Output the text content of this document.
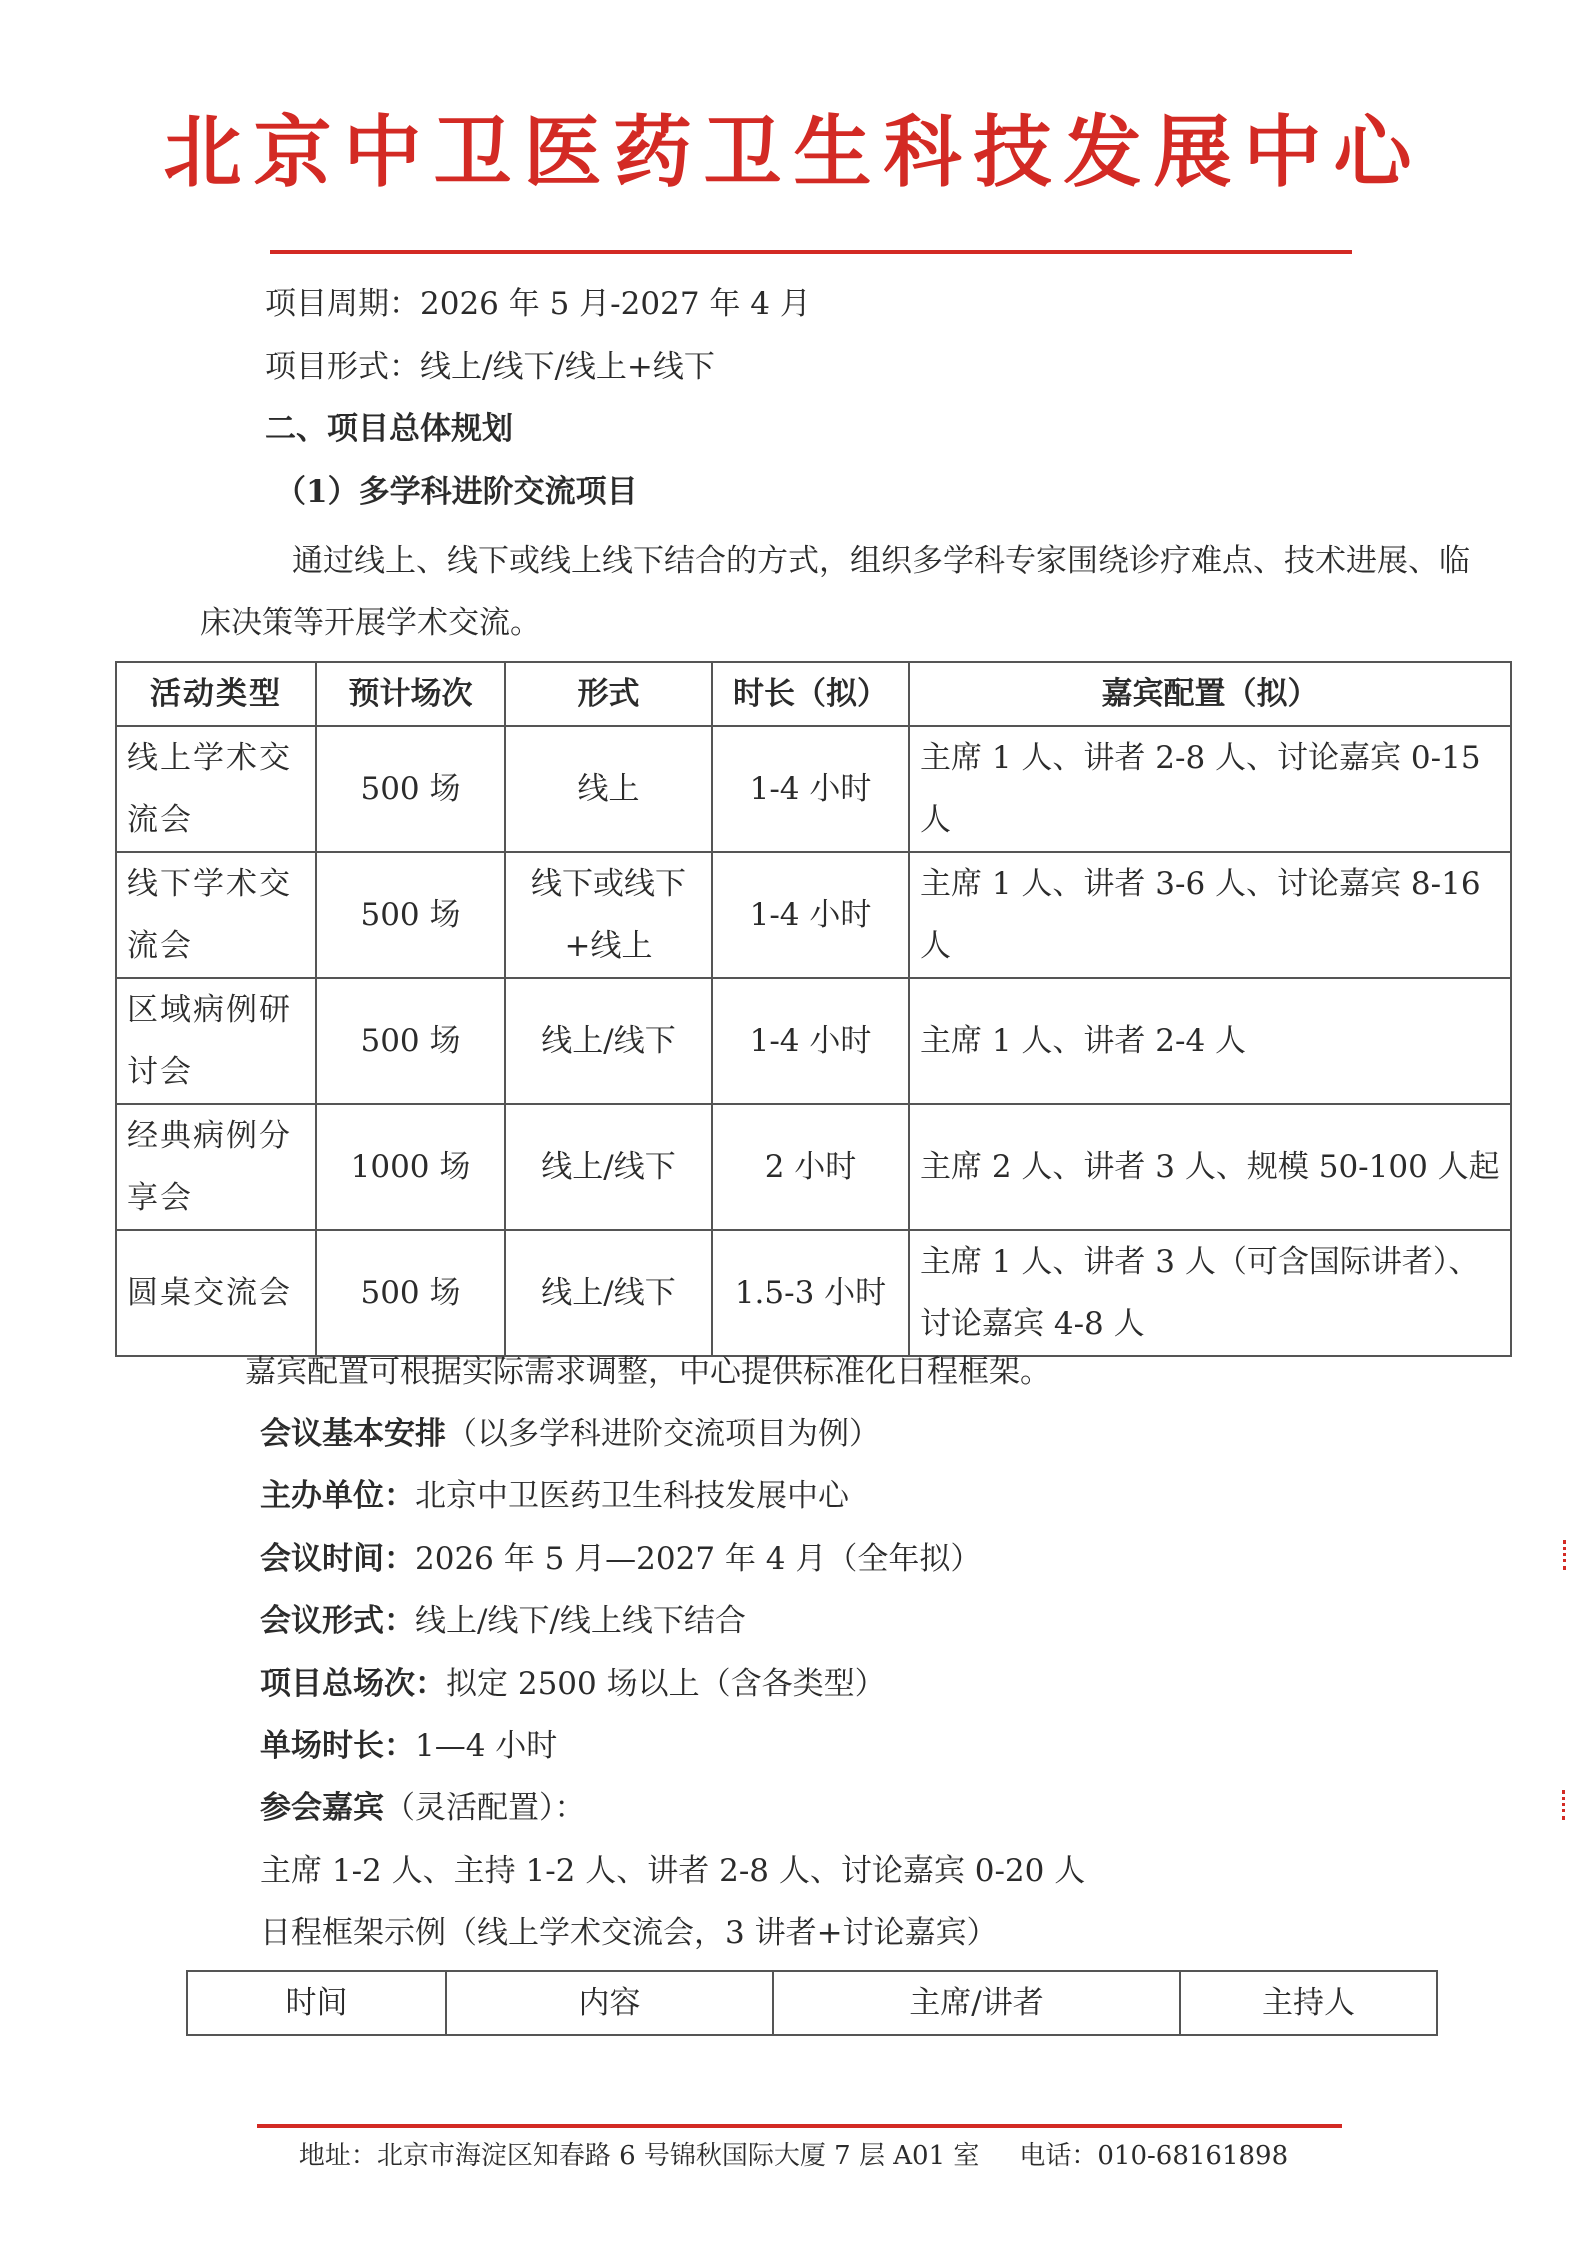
北京中卫医药卫生科技发展中心
项目周期：2026 年 5 月-2027 年 4 月
项目形式：线上/线下/线上+线下
二、项目总体规划
（1）多学科进阶交流项目
通过线上、线下或线上线下结合的方式，组织多学科专家围绕诊疗难点、技术进展、临床决策等开展学术交流。
活动类型	预计场次	形式	时长（拟）	嘉宾配置（拟）
线上学术交流会	500 场	线上	1-4 小时	主席 1 人、讲者 2-8 人、讨论嘉宾 0-15 人
线下学术交流会	500 场	线下或线下+线上	1-4 小时	主席 1 人、讲者 3-6 人、讨论嘉宾 8-16 人
区域病例研讨会	500 场	线上/线下	1-4 小时	主席 1 人、讲者 2-4 人
经典病例分享会	1000 场	线上/线下	2 小时	主席 2 人、讲者 3 人、规模 50-100 人起
圆桌交流会	500 场	线上/线下	1.5-3 小时	主席 1 人、讲者 3 人（可含国际讲者）、讨论嘉宾 4-8 人
嘉宾配置可根据实际需求调整，中心提供标准化日程框架。
会议基本安排（以多学科进阶交流项目为例）
主办单位：北京中卫医药卫生科技发展中心
会议时间：2026 年 5 月—2027 年 4 月（全年拟）
会议形式：线上/线下/线上线下结合
项目总场次：拟定 2500 场以上（含各类型）
单场时长：1—4 小时
参会嘉宾（灵活配置）：
主席 1-2 人、主持 1-2 人、讲者 2-8 人、讨论嘉宾 0-20 人
日程框架示例（线上学术交流会，3 讲者+讨论嘉宾）
时间	内容	主席/讲者	主持人
地址：北京市海淀区知春路 6 号锦秋国际大厦 7 层 A01 室 电话：010-68161898
